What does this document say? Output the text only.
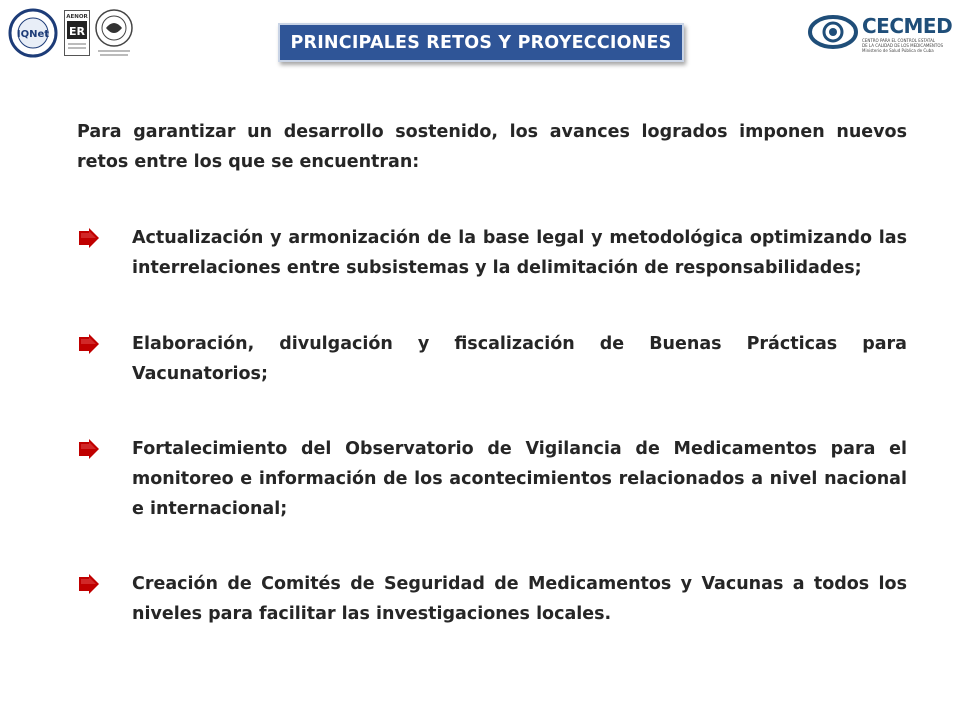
IQNet
AENOR
ER
PRINCIPALES RETOS Y PROYECCIONES
CECMED
CENTRO PARA EL CONTROL ESTATAL
DE LA CALIDAD DE LOS MEDICAMENTOS
Ministerio de Salud Pública de Cuba

Para garantizar un desarrollo sostenido, los avances logrados imponen nuevos retos entre los que se encuentran:

Actualización y armonización de la base legal y metodológica optimizando las interrelaciones entre subsistemas y la delimitación de responsabilidades;

Elaboración, divulgación y fiscalización de Buenas Prácticas para Vacunatorios;

Fortalecimiento del Observatorio de Vigilancia de Medicamentos para el monitoreo e información de los acontecimientos relacionados a nivel nacional e internacional;

Creación de Comités de Seguridad de Medicamentos y Vacunas a todos los niveles para facilitar las investigaciones locales.
